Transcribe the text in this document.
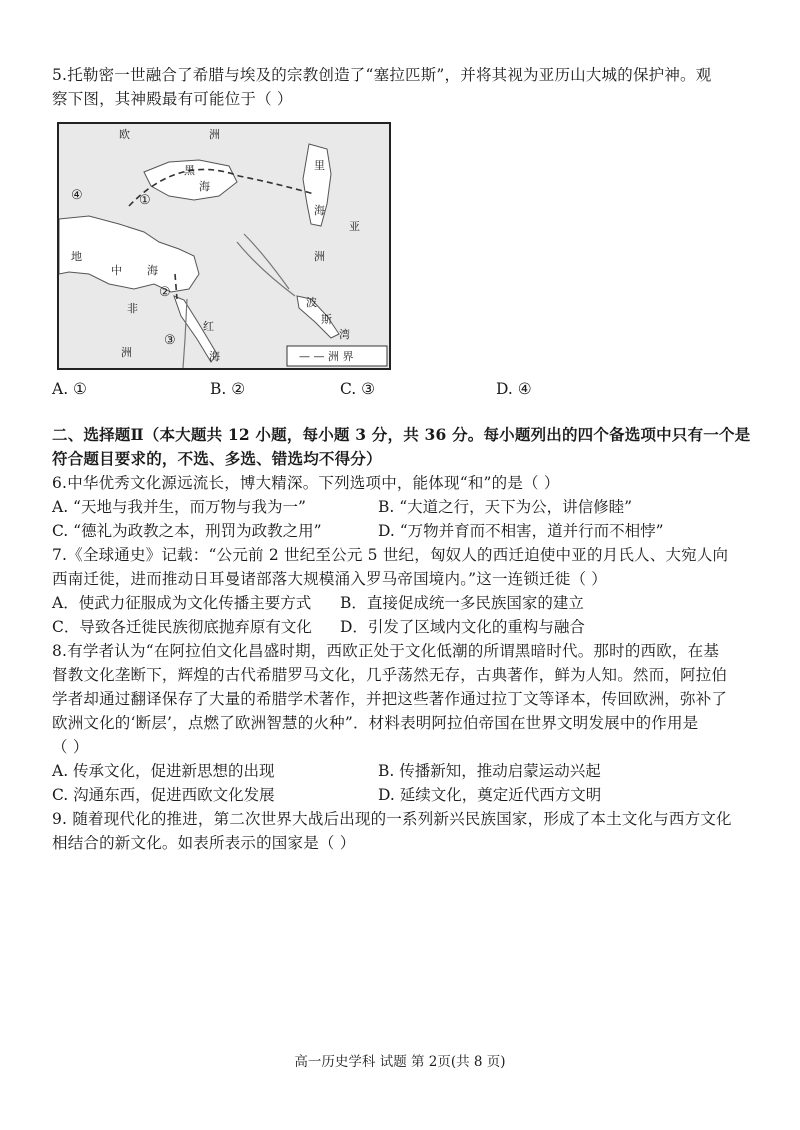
5.托勒密一世融合了希腊与埃及的宗教创造了“塞拉匹斯”，并将其视为亚历山大城的保护神。观
察下图，其神殿最有可能位于（ ）
欧	洲
黑
海
里
海
亚
洲
地
中 海
非
洲
红
海
波
斯
湾
①
②
③
④
— — 洲 界
A. ①	B. ②	C. ③	D. ④
二、选择题Ⅱ（本大题共 12 小题，每小题 3 分，共 36 分。每小题列出的四个备选项中只有一个是
符合题目要求的，不选、多选、错选均不得分）
6.中华优秀文化源远流长，博大精深。下列选项中，能体现“和”的是（ ）
A. “天地与我并生，而万物与我为一”	B. “大道之行，天下为公，讲信修睦”
C. “德礼为政教之本，刑罚为政教之用”	D. “万物并育而不相害，道并行而不相悖”
7.《全球通史》记载：“公元前 2 世纪至公元 5 世纪，匈奴人的西迁迫使中亚的月氏人、大宛人向
西南迁徙，进而推动日耳曼诸部落大规模涌入罗马帝国境内。”这一连锁迁徙（ ）
A．使武力征服成为文化传播主要方式 B．直接促成统一多民族国家的建立
C．导致各迁徙民族彻底抛弃原有文化 D．引发了区域内文化的重构与融合
8.有学者认为“在阿拉伯文化昌盛时期，西欧正处于文化低潮的所谓黑暗时代。那时的西欧，在基
督教文化垄断下，辉煌的古代希腊罗马文化，几乎荡然无存，古典著作，鲜为人知。然而，阿拉伯
学者却通过翻译保存了大量的希腊学术著作，并把这些著作通过拉丁文等译本，传回欧洲，弥补了
欧洲文化的‘断层’，点燃了欧洲智慧的火种”．材料表明阿拉伯帝国在世界文明发展中的作用是
（ ）
A. 传承文化，促进新思想的出现	B. 传播新知，推动启蒙运动兴起
C. 沟通东西，促进西欧文化发展	D. 延续文化，奠定近代西方文明
9. 随着现代化的推进，第二次世界大战后出现的一系列新兴民族国家，形成了本土文化与西方文化
相结合的新文化。如表所表示的国家是（ ）
高一历史学科 试题 第 2页(共 8 页)
